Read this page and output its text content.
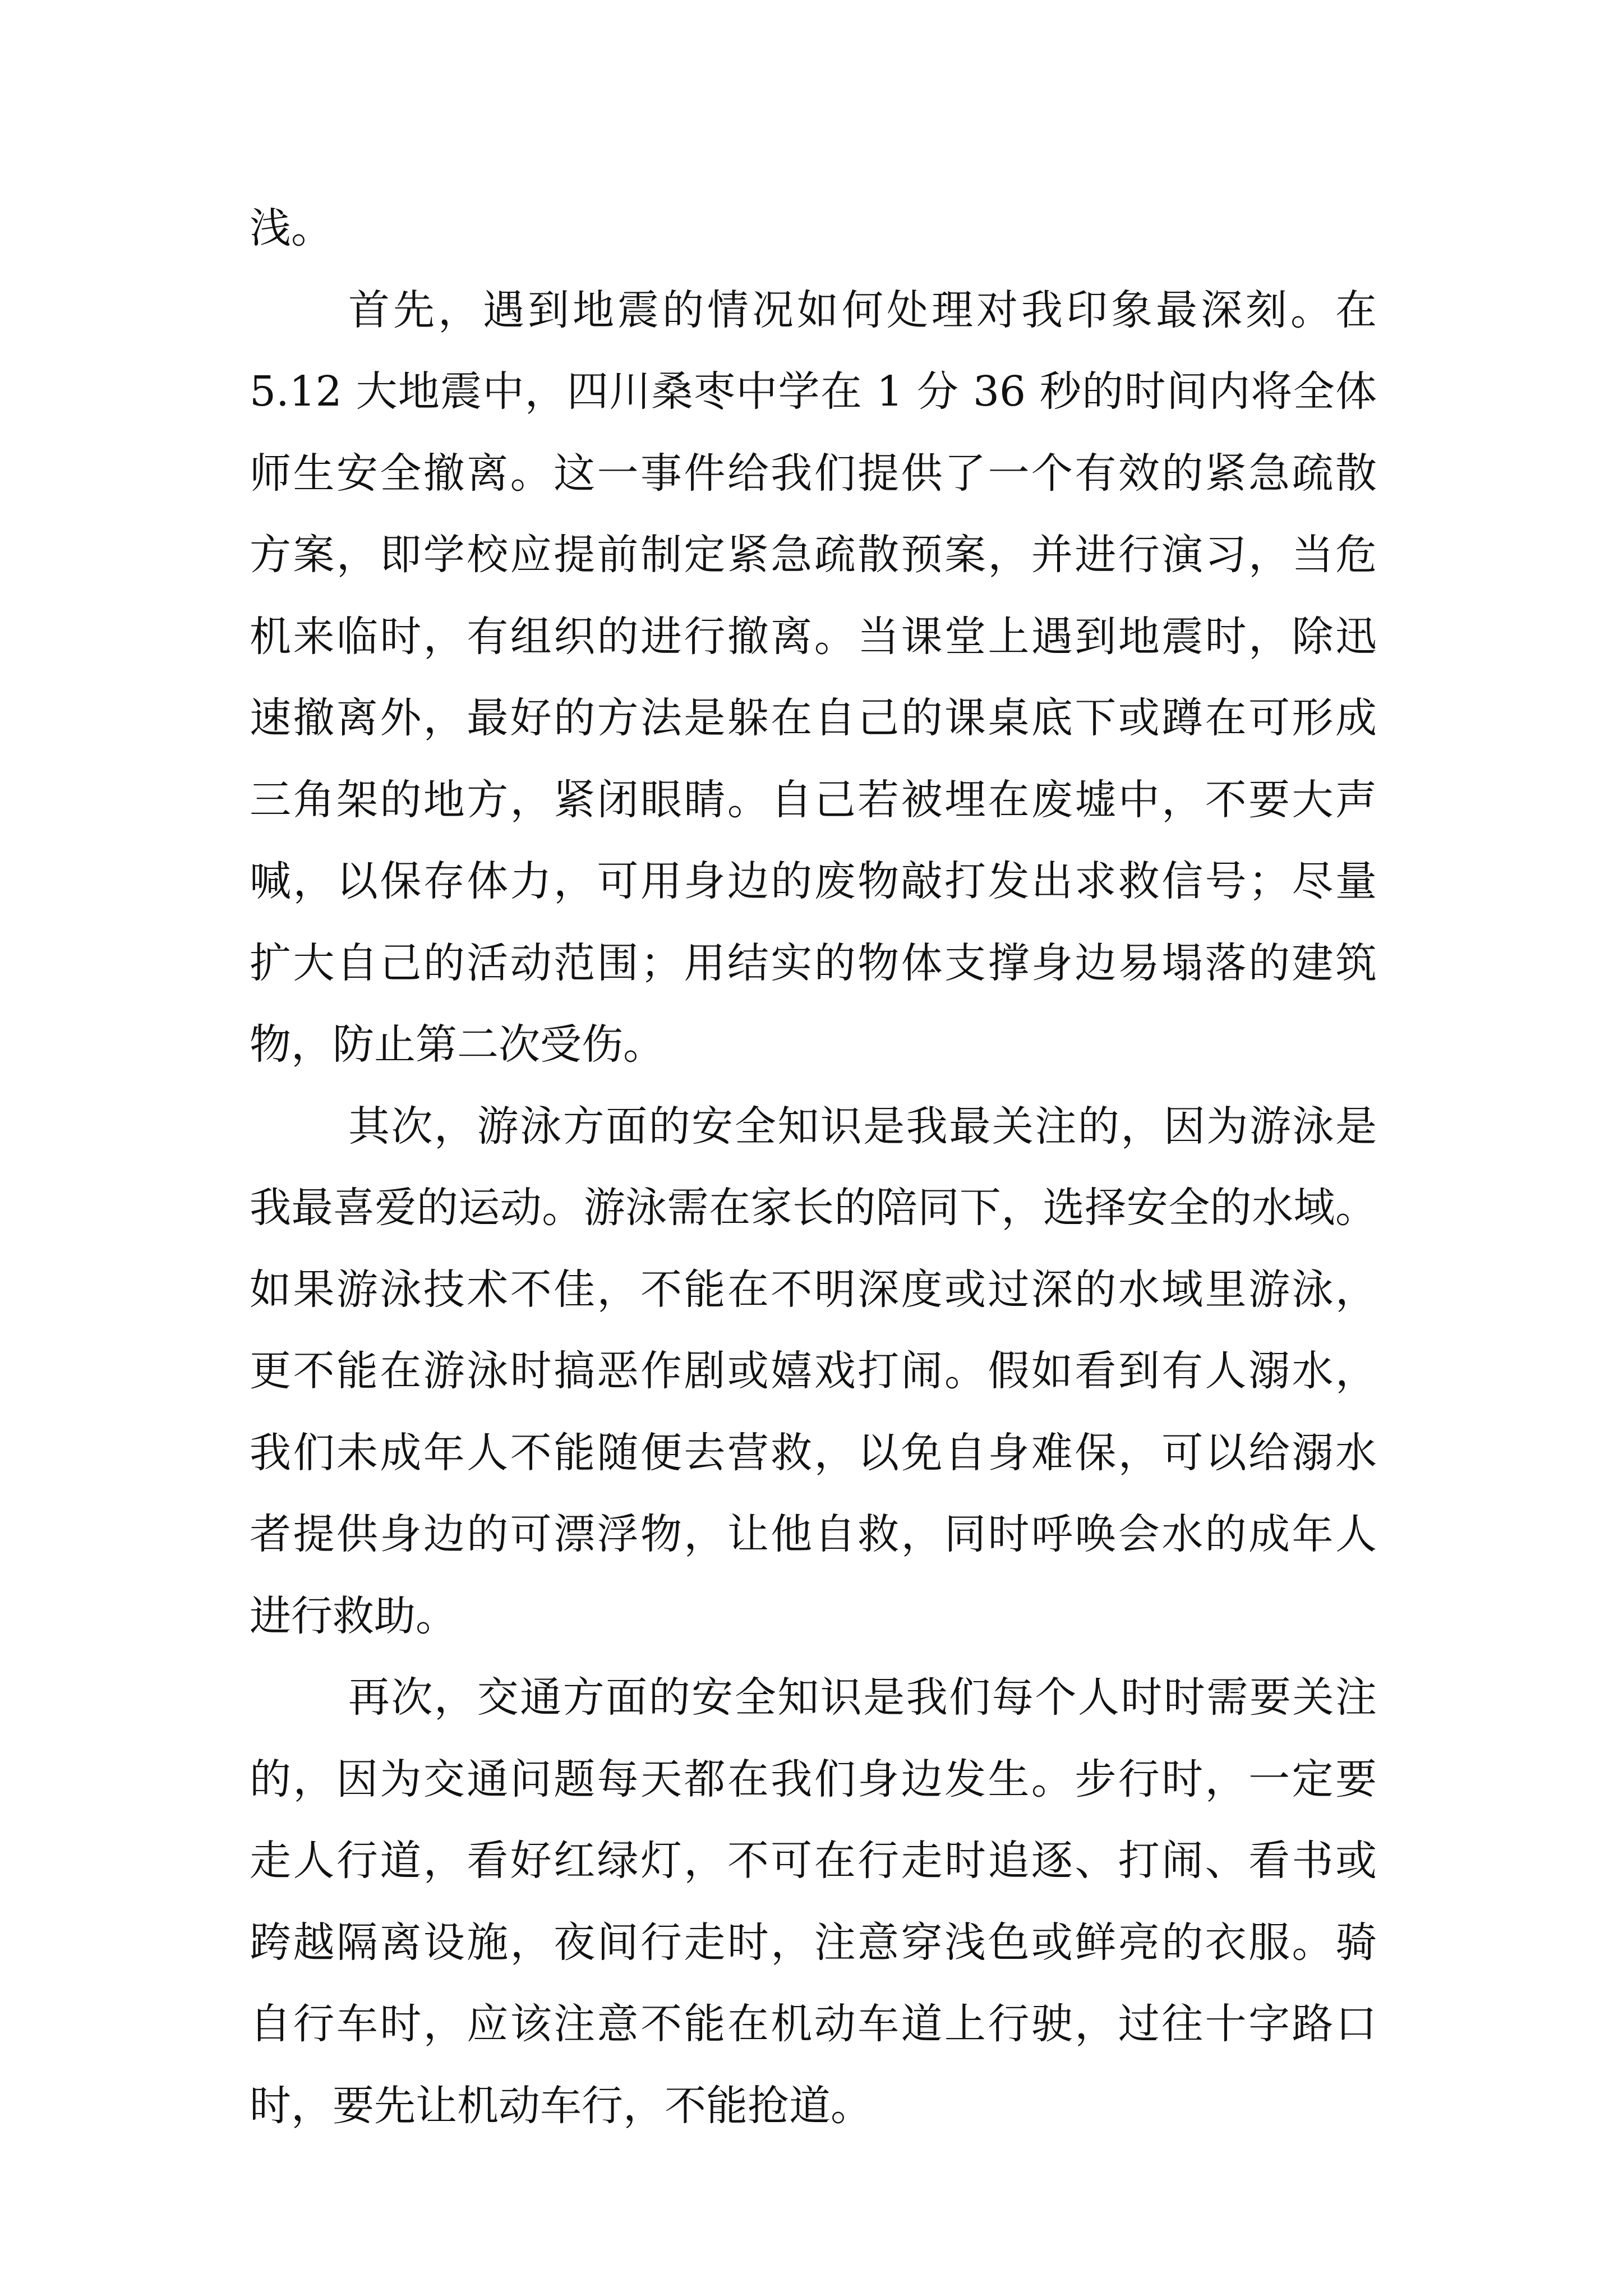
浅。
首先，遇到地震的情况如何处理对我印象最深刻。在
5.12 大地震中，四川桑枣中学在 1 分 36 秒的时间内将全体
师生安全撤离。这一事件给我们提供了一个有效的紧急疏散
方案，即学校应提前制定紧急疏散预案，并进行演习，当危
机来临时，有组织的进行撤离。当课堂上遇到地震时，除迅
速撤离外，最好的方法是躲在自己的课桌底下或蹲在可形成
三角架的地方，紧闭眼睛。自己若被埋在废墟中，不要大声
喊，以保存体力，可用身边的废物敲打发出求救信号；尽量
扩大自己的活动范围；用结实的物体支撑身边易塌落的建筑
物，防止第二次受伤。
其次，游泳方面的安全知识是我最关注的，因为游泳是
我最喜爱的运动。游泳需在家长的陪同下，选择安全的水域。
如果游泳技术不佳，不能在不明深度或过深的水域里游泳，
更不能在游泳时搞恶作剧或嬉戏打闹。假如看到有人溺水，
我们未成年人不能随便去营救，以免自身难保，可以给溺水
者提供身边的可漂浮物，让他自救，同时呼唤会水的成年人
进行救助。
再次，交通方面的安全知识是我们每个人时时需要关注
的，因为交通问题每天都在我们身边发生。步行时，一定要
走人行道，看好红绿灯，不可在行走时追逐、打闹、看书或
跨越隔离设施，夜间行走时，注意穿浅色或鲜亮的衣服。骑
自行车时，应该注意不能在机动车道上行驶，过往十字路口
时，要先让机动车行，不能抢道。
